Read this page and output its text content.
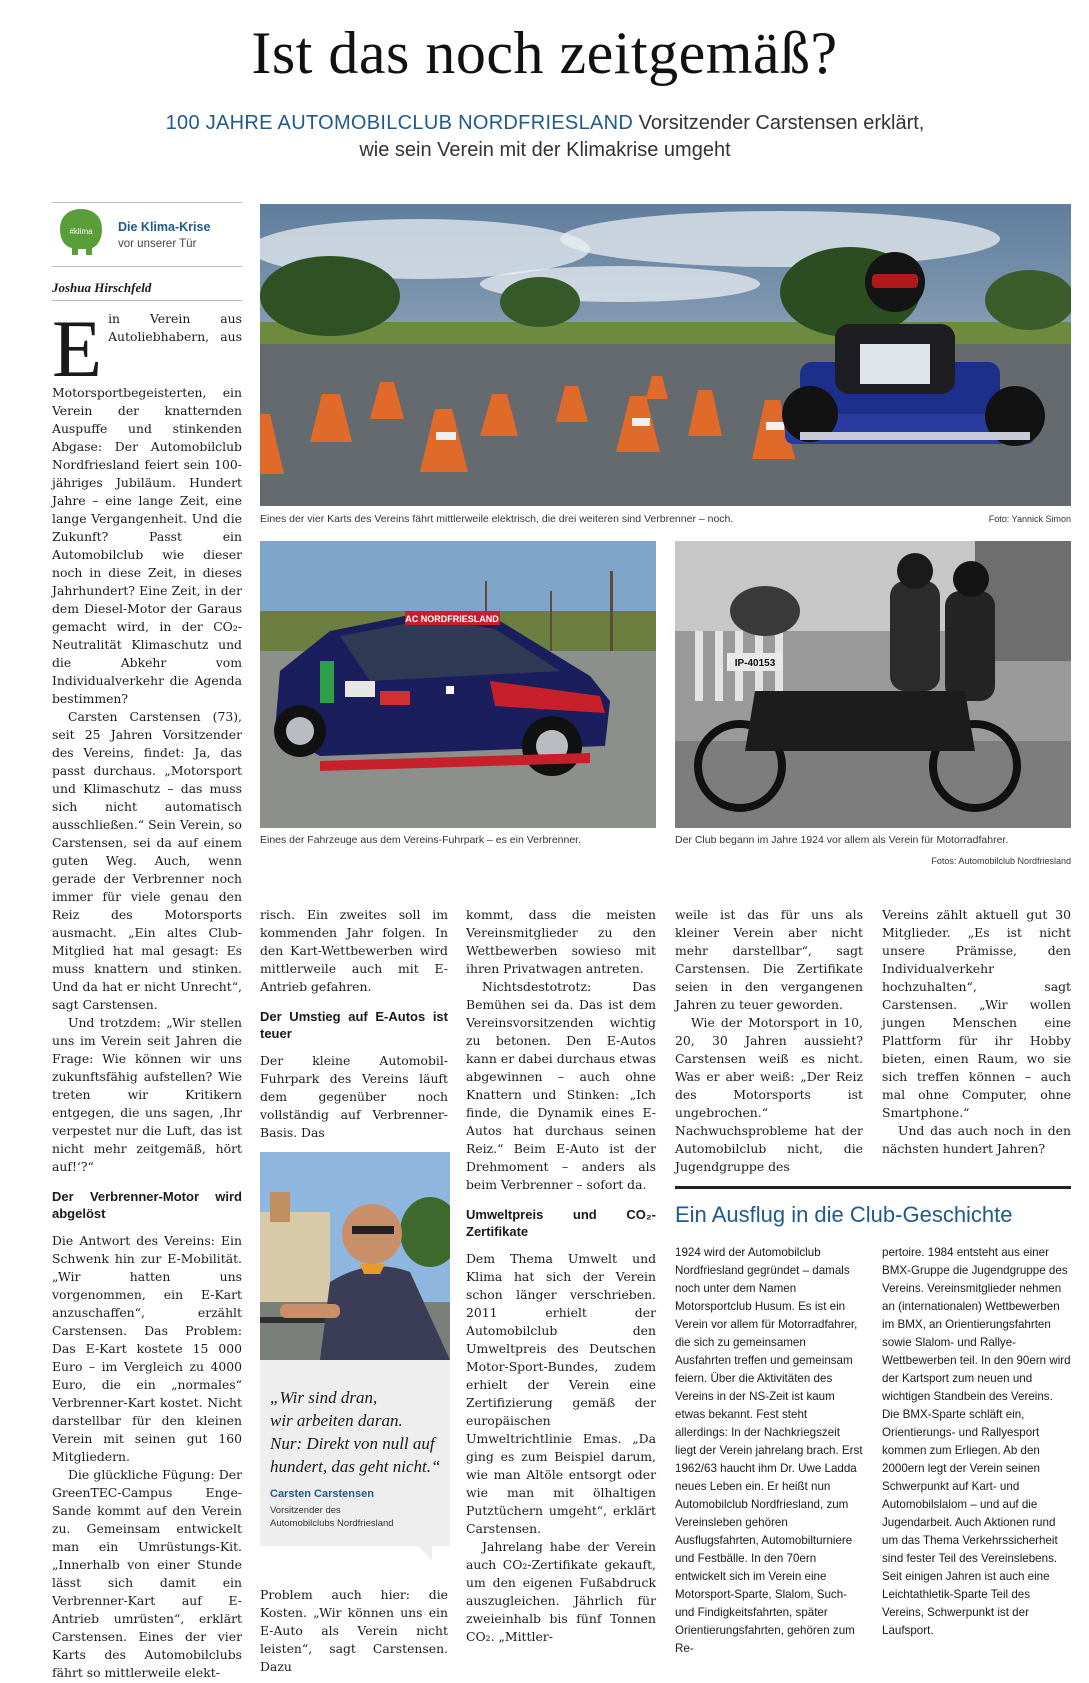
Ist das noch zeitgemäß?
100 JAHRE AUTOMOBILCLUB NORDFRIESLAND Vorsitzender Carstensen erklärt,
wie sein Verein mit der Klimakrise umgeht
#klima Die Klima-Krise
vor unserer Tür
Joshua Hirschfeld

Ein Verein aus Autoliebhabern, aus Motorsportbegeisterten, ein Verein der knatternden Auspuffe und stinkenden Abgase: Der Automobilclub Nordfriesland feiert sein 100-jähriges Jubiläum. Hundert Jahre – eine lange Zeit, eine lange Vergangenheit. Und die Zukunft? Passt ein Automobilclub wie dieser noch in diese Zeit, in dieses Jahrhundert? Eine Zeit, in der dem Diesel-Motor der Garaus gemacht wird, in der CO₂-Neutralität Klimaschutz und die Abkehr vom Individualverkehr die Agenda bestimmen?

Carsten Carstensen (73), seit 25 Jahren Vorsitzender des Vereins, findet: Ja, das passt durchaus. „Motorsport und Klimaschutz – das muss sich nicht automatisch ausschließen.“ Sein Verein, so Carstensen, sei da auf einem guten Weg. Auch, wenn gerade der Verbrenner noch immer für viele genau den Reiz des Motorsports ausmacht. „Ein altes Club-Mitglied hat mal gesagt: Es muss knattern und stinken. Und da hat er nicht Unrecht“, sagt Carstensen.

Und trotzdem: „Wir stellen uns im Verein seit Jahren die Frage: Wie können wir uns zukunftsfähig aufstellen? Wie treten wir Kritikern entgegen, die uns sagen, ‚Ihr verpestet nur die Luft, das ist nicht mehr zeitgemäß, hört auf!‘?“

Der Verbrenner-Motor wird abgelöst

Die Antwort des Vereins: Ein Schwenk hin zur E-Mobilität. „Wir hatten uns vorgenommen, ein E-Kart anzuschaffen“, erzählt Carstensen. Das Problem: Das E-Kart kostete 15 000 Euro – im Vergleich zu 4000 Euro, die ein „normales“ Verbrenner-Kart kostet. Nicht darstellbar für den kleinen Verein mit seinen gut 160 Mitgliedern.

Die glückliche Fügung: Der GreenTEC-Campus Enge-Sande kommt auf den Verein zu. Gemeinsam entwickelt man ein Umrüstungs-Kit. „Innerhalb von einer Stunde lässt sich damit ein Verbrenner-Kart auf E-Antrieb umrüsten“, erklärt Carstensen. Eines der vier Karts des Automobilclubs fährt so mittlerweile elekt-

Eines der vier Karts des Vereins fährt mittlerweile elektrisch, die drei weiteren sind Verbrenner – noch.	Foto: Yannick Simon
AC NORDFRIESLAND
Eines der Fahrzeuge aus dem Vereins-Fuhrpark – es ein Verbrenner.
IP-40153
Der Club begann im Jahre 1924 vor allem als Verein für Motorradfahrer.
Fotos: Automobilclub Nordfriesland

risch. Ein zweites soll im kommenden Jahr folgen. In den Kart-Wettbewerben wird mittlerweile auch mit E-Antrieb gefahren.

Der Umstieg auf E-Autos ist teuer

Der kleine Automobil-Fuhrpark des Vereins läuft dem gegenüber noch vollständig auf Verbrenner-Basis. Das

„Wir sind dran,
wir arbeiten daran.
Nur: Direkt von null auf
hundert, das geht nicht.“
Carsten Carstensen
Vorsitzender des
Automobilclubs Nordfriesland

Problem auch hier: die Kosten. „Wir können uns ein E-Auto als Verein nicht leisten“, sagt Carstensen. Dazu

kommt, dass die meisten Vereinsmitglieder zu den Wettbewerben sowieso mit ihren Privatwagen antreten.

Nichtsdestotrotz: Das Bemühen sei da. Das ist dem Vereinsvorsitzenden wichtig zu betonen. Den E-Autos kann er dabei durchaus etwas abgewinnen – auch ohne Knattern und Stinken: „Ich finde, die Dynamik eines E-Autos hat durchaus seinen Reiz.“ Beim E-Auto ist der Drehmoment – anders als beim Verbrenner – sofort da.

Umweltpreis und CO₂-Zertifikate

Dem Thema Umwelt und Klima hat sich der Verein schon länger verschrieben. 2011 erhielt der Automobilclub den Umweltpreis des Deutschen Motor-Sport-Bundes, zudem erhielt der Verein eine Zertifizierung gemäß der europäischen Umweltrichtlinie Emas. „Da ging es zum Beispiel darum, wie man Altöle entsorgt oder wie man mit ölhaltigen Putztüchern umgeht“, erklärt Carstensen.

Jahrelang habe der Verein auch CO₂-Zertifikate gekauft, um den eigenen Fußabdruck auszugleichen. Jährlich für zweieinhalb bis fünf Tonnen CO₂. „Mittler-

weile ist das für uns als kleiner Verein aber nicht mehr darstellbar“, sagt Carstensen. Die Zertifikate seien in den vergangenen Jahren zu teuer geworden.

Wie der Motorsport in 10, 20, 30 Jahren aussieht? Carstensen weiß es nicht. Was er aber weiß: „Der Reiz des Motorsports ist ungebrochen.“ Nachwuchsprobleme hat der Automobilclub nicht, die Jugendgruppe des

Vereins zählt aktuell gut 30 Mitglieder. „Es ist nicht unsere Prämisse, den Individualverkehr hochzuhalten“, sagt Carstensen. „Wir wollen jungen Menschen eine Plattform für ihr Hobby bieten, einen Raum, wo sie sich treffen können – auch mal ohne Computer, ohne Smartphone.“

Und das auch noch in den nächsten hundert Jahren?

Ein Ausflug in die Club-Geschichte
1924 wird der Automobilclub Nordfriesland gegründet – damals noch unter dem Namen Motorsportclub Husum. Es ist ein Verein vor allem für Motorradfahrer, die sich zu gemeinsamen Ausfahrten treffen und gemeinsam feiern. Über die Aktivitäten des Vereins in der NS-Zeit ist kaum etwas bekannt. Fest steht allerdings: In der Nachkriegszeit liegt der Verein jahrelang brach. Erst 1962/63 haucht ihm Dr. Uwe Ladda neues Leben ein. Er heißt nun Automobilclub Nordfriesland, zum Vereinsleben gehören Ausflugsfahrten, Automobilturniere und Festbälle. In den 70ern entwickelt sich im Verein eine Motorsport-Sparte, Slalom, Such- und Findigkeitsfahrten, später Orientierungsfahrten, gehören zum Re-
pertoire. 1984 entsteht aus einer BMX-Gruppe die Jugendgruppe des Vereins. Vereinsmitglieder nehmen an (internationalen) Wettbewerben im BMX, an Orientierungsfahrten sowie Slalom- und Rallye-Wettbewerben teil. In den 90ern wird der Kartsport zum neuen und wichtigen Standbein des Vereins. Die BMX-Sparte schläft ein, Orientierungs- und Rallyesport kommen zum Erliegen. Ab den 2000ern legt der Verein seinen Schwerpunkt auf Kart- und Automobilslalom – und auf die Jugendarbeit. Auch Aktionen rund um das Thema Verkehrssicherheit sind fester Teil des Vereinslebens. Seit einigen Jahren ist auch eine Leichtathletik-Sparte Teil des Vereins, Schwerpunkt ist der Laufsport.
